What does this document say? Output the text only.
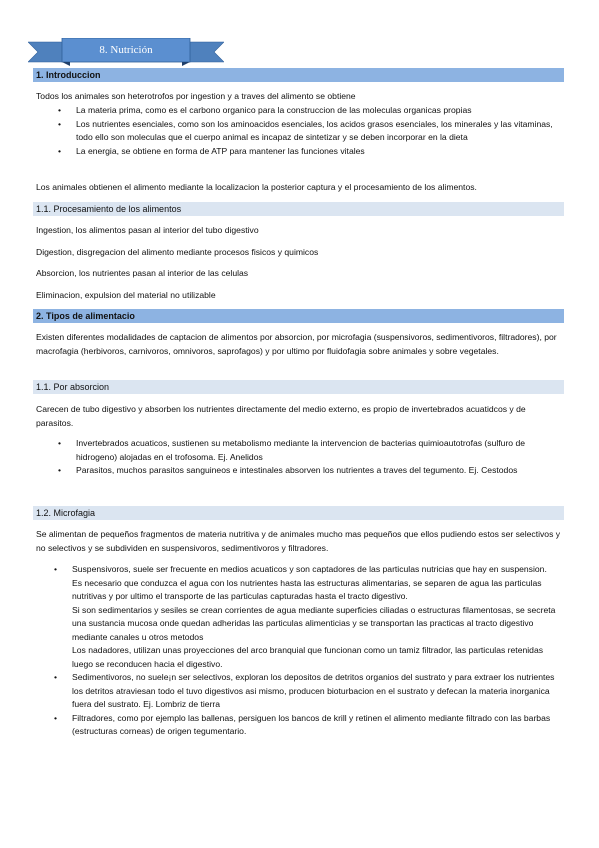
8. Nutrición
1. Introduccion

Todos los animales son heterotrofos por ingestion y a traves del alimento se obtiene

• La materia prima, como es el carbono organico para la construccion de las moleculas organicas propias
• Los nutrientes esenciales, como son los aminoacidos esenciales, los acidos grasos esenciales, los minerales y las vitaminas, todo ello son moleculas que el cuerpo animal es incapaz de sintetizar y se deben incorporar en la dieta
• La energia, se obtiene en forma de ATP para mantener las funciones vitales

Los animales obtienen el alimento mediante la localizacion la posterior captura y el procesamiento de los alimentos.

1.1. Procesamiento de los alimentos

Ingestion, los alimentos pasan al interior del tubo digestivo

Digestion, disgregacion del alimento mediante procesos fisicos y quimicos

Absorcion, los nutrientes pasan al interior de las celulas

Eliminacion, expulsion del material no utilizable

2. Tipos de alimentacio

Existen diferentes modalidades de captacion de alimentos por absorcion, por microfagia (suspensivoros, sedimentivoros, filtradores), por macrofagia (herbivoros, carnivoros, omnivoros, saprofagos) y por ultimo por fluidofagia sobre animales y sobre vegetales.

1.1. Por absorcion

Carecen de tubo digestivo y absorben los nutrientes directamente del medio externo, es propio de invertebrados acuatidcos y de parasitos.

• Invertebrados acuaticos, sustienen su metabolismo mediante la intervencion de bacterias quimioautotrofas (sulfuro de hidrogeno) alojadas en el trofosoma. Ej. Anelidos
• Parasitos, muchos parasitos sanguineos e intestinales absorven los nutrientes a traves del tegumento. Ej. Cestodos
1.2. Microfagia

Se alimentan de pequeños fragmentos de materia nutritiva y de animales mucho mas pequeños que ellos pudiendo estos ser selectivos y no selectivos y se subdividen en suspensivoros, sedimentivoros y filtradores.

• Suspensivoros, suele ser frecuente en medios acuaticos y son captadores de las particulas nutricias que hay en suspension. Es necesario que conduzca el agua con los nutrientes hasta las estructuras alimentarias, se separen de agua las particulas nutritivas y por ultimo el transporte de las particulas capturadas hasta el tracto digestivo.
Si son sedimentarios y sesiles se crean corrientes de agua mediante superficies ciliadas o estructuras filamentosas, se secreta una sustancia mucosa onde quedan adheridas las particulas alimenticias y se transportan las practicas al tracto digestivo mediante canales u otros metodos
Los nadadores, utilizan unas proyecciones del arco branquial que funcionan como un tamiz filtrador, las particulas retenidas luego se reconducen hacia el digestivo.
• Sedimentivoros, no suele¡n ser selectivos, exploran los depositos de detritos organios del sustrato y para extraer los nutrientes los detritos atraviesan todo el tuvo digestivos asi mismo, producen bioturbacion en el sustrato y defecan la materia inorganica fuera del sustrato. Ej. Lombriz de tierra
• Filtradores, como por ejemplo las ballenas, persiguen los bancos de krill y retinen el alimento mediante filtrado con las barbas (estructuras corneas) de origen tegumentario.
